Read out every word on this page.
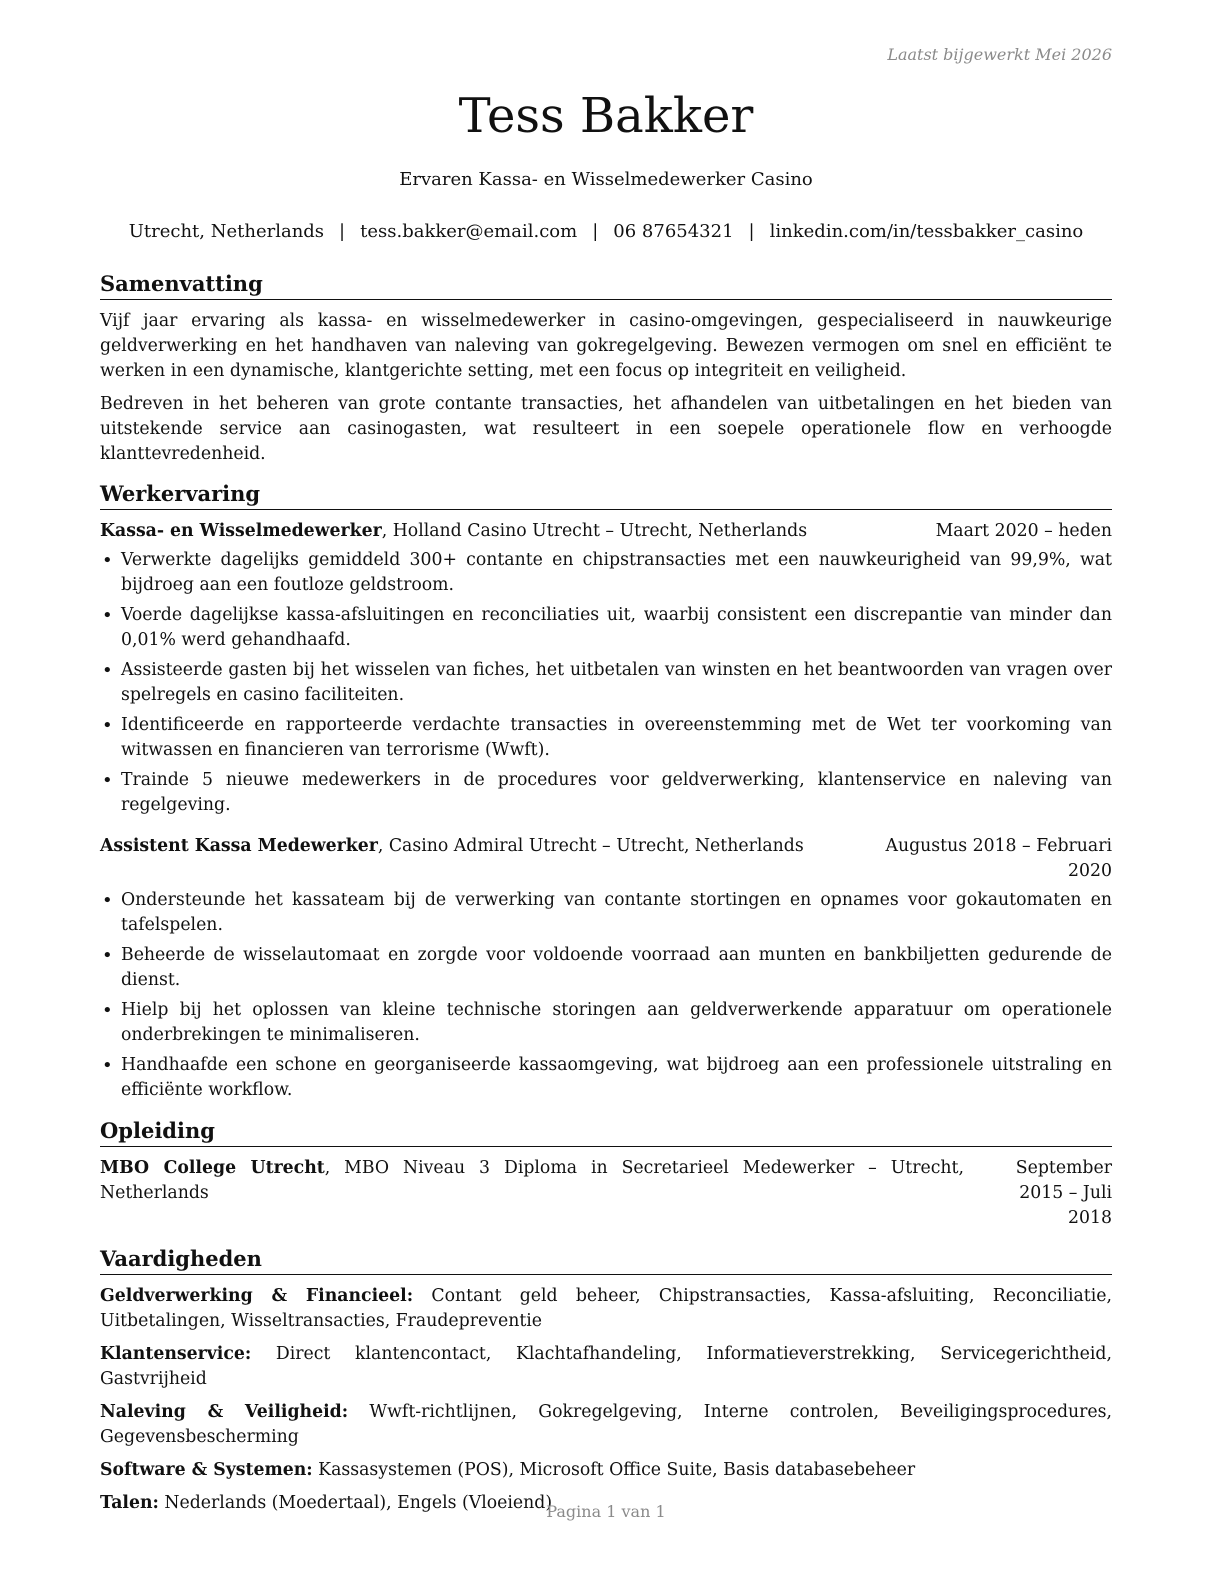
Laatst bijgewerkt Mei 2026
Tess Bakker
Ervaren Kassa- en Wisselmedewerker Casino
Utrecht, Netherlands | tess.bakker@email.com | 06 87654321 | linkedin.com/in/tessbakker_casino
Samenvatting

Vijf jaar ervaring als kassa- en wisselmedewerker in casino-omgevingen, gespecialiseerd in nauwkeurige geldverwerking en het handhaven van naleving van gokregelgeving. Bewezen vermogen om snel en efficiënt te werken in een dynamische, klantgerichte setting, met een focus op integriteit en veiligheid.

Bedreven in het beheren van grote contante transacties, het afhandelen van uitbetalingen en het bieden van uitstekende service aan casinogasten, wat resulteert in een soepele operationele flow en verhoogde klanttevredenheid.

Werkervaring
Kassa- en Wisselmedewerker, Holland Casino Utrecht – Utrecht, Netherlands	Maart 2020 – heden
• Verwerkte dagelijks gemiddeld 300+ contante en chipstransacties met een nauwkeurigheid van 99,9%, wat bijdroeg aan een foutloze geldstroom.
• Voerde dagelijkse kassa-afsluitingen en reconciliaties uit, waarbij consistent een discrepantie van minder dan 0,01% werd gehandhaafd.
• Assisteerde gasten bij het wisselen van fiches, het uitbetalen van winsten en het beantwoorden van vragen over spelregels en casino faciliteiten.
• Identificeerde en rapporteerde verdachte transacties in overeenstemming met de Wet ter voorkoming van witwassen en financieren van terrorisme (Wwft).
• Trainde 5 nieuwe medewerkers in de procedures voor geldverwerking, klantenservice en naleving van regelgeving.
Assistent Kassa Medewerker, Casino Admiral Utrecht – Utrecht, Netherlands	Augustus 2018 – Februari 2020
• Ondersteunde het kassateam bij de verwerking van contante stortingen en opnames voor gokautomaten en tafelspelen.
• Beheerde de wisselautomaat en zorgde voor voldoende voorraad aan munten en bankbiljetten gedurende de dienst.
• Hielp bij het oplossen van kleine technische storingen aan geldverwerkende apparatuur om operationele onderbrekingen te minimaliseren.
• Handhaafde een schone en georganiseerde kassaomgeving, wat bijdroeg aan een professionele uitstraling en efficiënte workflow.
Opleiding
MBO College Utrecht, MBO Niveau 3 Diploma in Secretarieel Medewerker – Utrecht, Netherlands
September 2015 – Juli 2018
Vaardigheden

Geldverwerking & Financieel: Contant geld beheer, Chipstransacties, Kassa-afsluiting, Reconciliatie, Uitbetalingen, Wisseltransacties, Fraudepreventie

Klantenservice: Direct klantencontact, Klachtafhandeling, Informatieverstrekking, Servicegerichtheid, Gastvrijheid

Naleving & Veiligheid: Wwft-richtlijnen, Gokregelgeving, Interne controlen, Beveiligingsprocedures, Gegevensbescherming

Software & Systemen: Kassasystemen (POS), Microsoft Office Suite, Basis databasebeheer

Talen: Nederlands (Moedertaal), Engels (Vloeiend)

Pagina 1 van 1
